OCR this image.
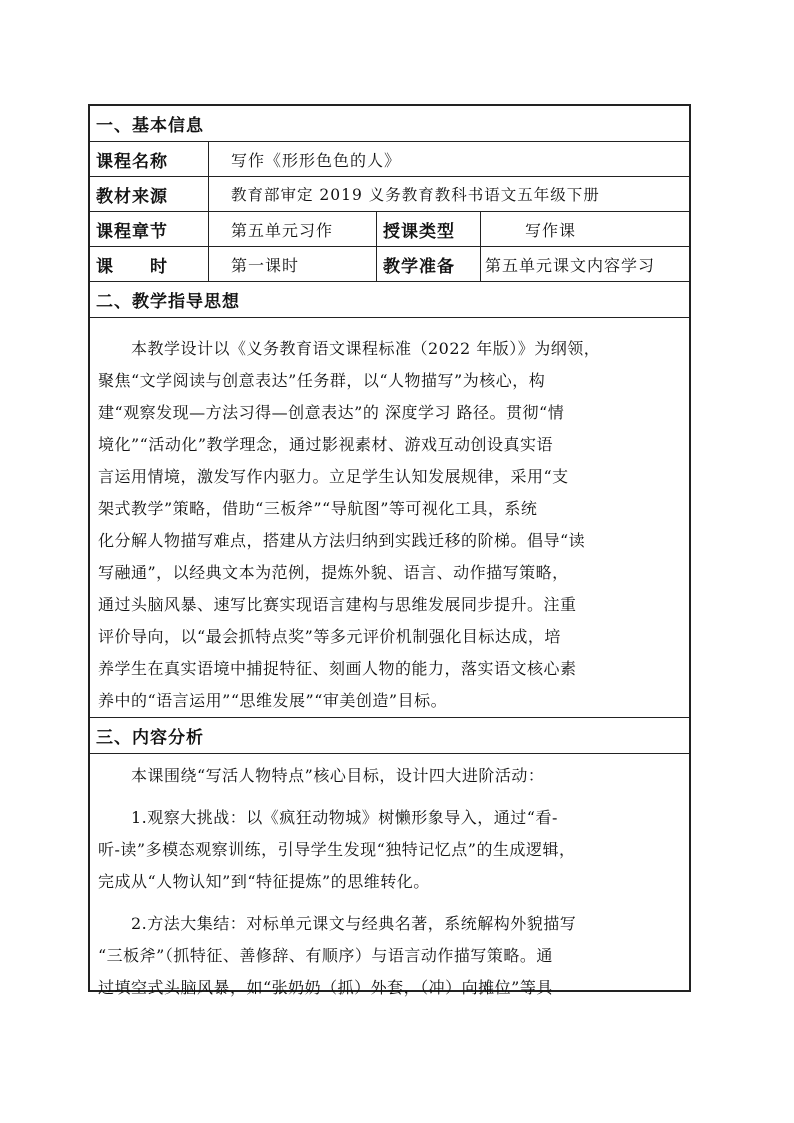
一、基本信息
课程名称	写作《形形色色的人》
教材来源	教育部审定 2019 义务教育教科书语文五年级下册
课程章节	第五单元习作	授课类型	写作课
课　　时	第一课时	教学准备 第五单元课文内容学习
二、教学指导思想
　　本教学设计以《义务教育语文课程标准（2022 年版）》为纲领，
聚焦“文学阅读与创意表达”任务群，以“人物描写”为核心，构
建“观察发现—方法习得—创意表达”的 深度学习 路径。贯彻“情
境化”“活动化”教学理念，通过影视素材、游戏互动创设真实语
言运用情境，激发写作内驱力。立足学生认知发展规律，采用“支
架式教学”策略，借助“三板斧”“导航图”等可视化工具，系统
化分解人物描写难点，搭建从方法归纳到实践迁移的阶梯。倡导“读
写融通”，以经典文本为范例，提炼外貌、语言、动作描写策略，
通过头脑风暴、速写比赛实现语言建构与思维发展同步提升。注重
评价导向，以“最会抓特点奖”等多元评价机制强化目标达成，培
养学生在真实语境中捕捉特征、刻画人物的能力，落实语文核心素
养中的“语言运用”“思维发展”“审美创造”目标。
三、内容分析
　　本课围绕“写活人物特点”核心目标，设计四大进阶活动：
　　1.观察大挑战：以《疯狂动物城》树懒形象导入，通过“看-
听-读”多模态观察训练，引导学生发现“独特记忆点”的生成逻辑，
完成从“人物认知”到“特征提炼”的思维转化。
　　2.方法大集结：对标单元课文与经典名著，系统解构外貌描写
“三板斧”（抓特征、善修辞、有顺序）与语言动作描写策略。通
过填空式头脑风暴，如“张奶奶（抓）外套，（冲）向摊位”等具
